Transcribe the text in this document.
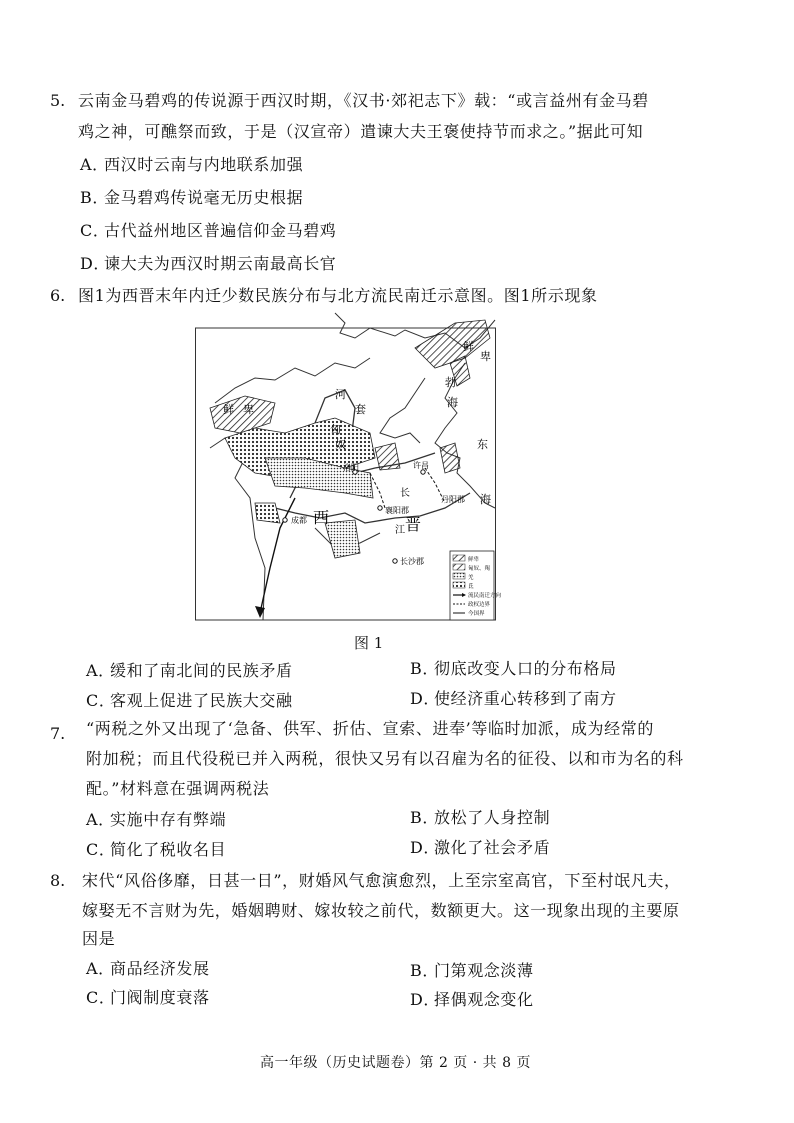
5. 云南金马碧鸡的传说源于西汉时期，《汉书·郊祀志下》载：“或言益州有金马碧
鸡之神，可醮祭而致，于是（汉宣帝）遣谏大夫王褒使持节而求之。”据此可知
A．西汉时云南与内地联系加强
B．金马碧鸡传说毫无历史根据
C．古代益州地区普遍信仰金马碧鸡
D．谏大夫为西汉时期云南最高长官
6. 图1为西晋末年内迁少数民族分布与北方流民南迁示意图。图1所示现象
鲜
卑
勃
海
鲜 卑
河
套
匈
奴
洛阳	许昌
东
海
襄阳郡
丹阳郡
长
江
西	晋
成都
长沙郡	鲜卑
匈奴、羯
羌
氐
流民南迁方向
政权边界
今国界
图 1
A．缓和了南北间的民族矛盾	B．彻底改变人口的分布格局
C．客观上促进了民族大交融	D．使经济重心转移到了南方
7. “两税之外又出现了‘急备、供军、折估、宣索、进奉’等临时加派，成为经常的
附加税；而且代役税已并入两税，很快又另有以召雇为名的征役、以和市为名的科
配。”材料意在强调两税法
A．实施中存有弊端	B．放松了人身控制
C．简化了税收名目	D．激化了社会矛盾
8. 宋代“风俗侈靡，日甚一日”，财婚风气愈演愈烈，上至宗室高官，下至村氓凡夫，
嫁娶无不言财为先，婚姻聘财、嫁妆较之前代，数额更大。这一现象出现的主要原
因是
A．商品经济发展	B．门第观念淡薄
C．门阀制度衰落	D．择偶观念变化
高一年级（历史试题卷）第 2 页 · 共 8 页
